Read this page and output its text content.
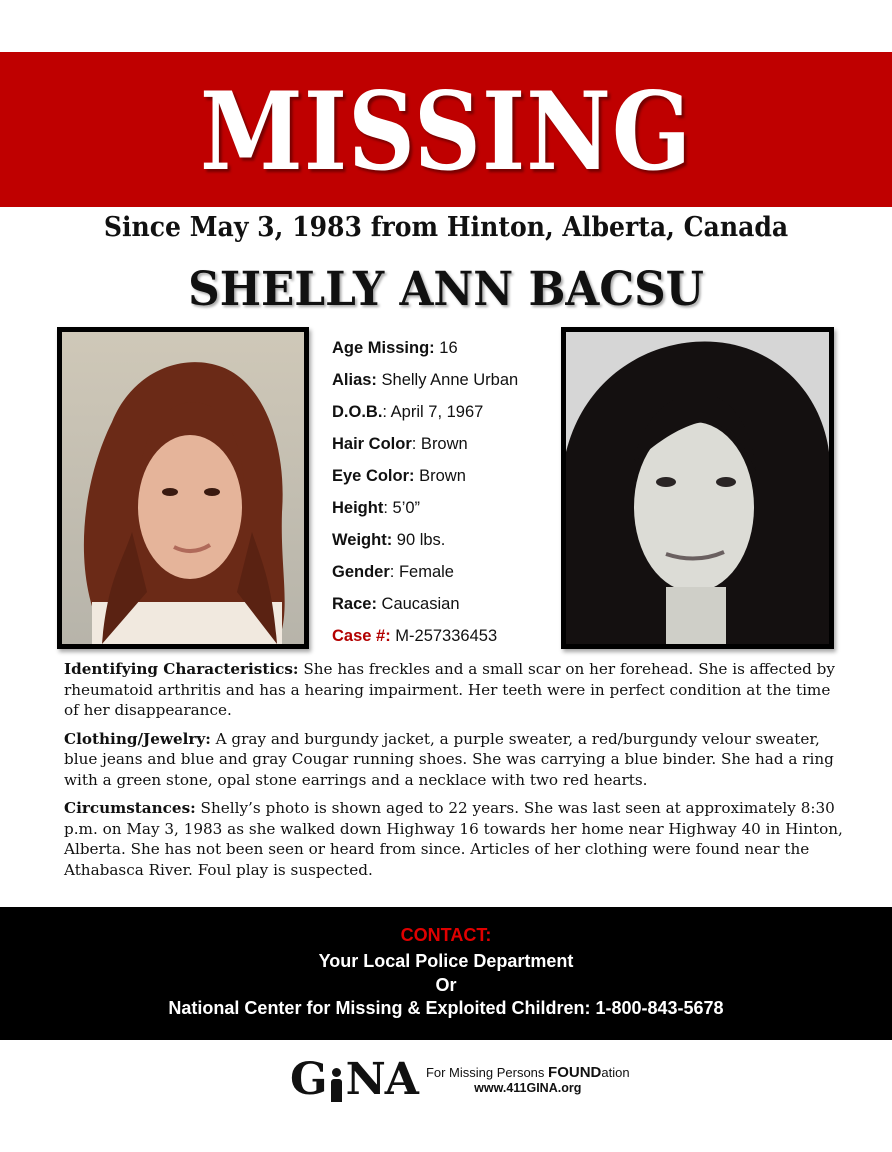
MISSING
Since May 3, 1983 from Hinton, Alberta, Canada
SHELLY ANN BACSU
Age Missing: 16
Alias: Shelly Anne Urban
D.O.B.: April 7, 1967
Hair Color: Brown
Eye Color: Brown
Height: 5’0”
Weight: 90 lbs.
Gender: Female
Race: Caucasian
Case #: M-257336453

Identifying Characteristics: She has freckles and a small scar on her forehead. She is affected by rheumatoid arthritis and has a hearing impairment. Her teeth were in perfect condition at the time of her disappearance.

Clothing/Jewelry: A gray and burgundy jacket, a purple sweater, a red/burgundy velour sweater, blue jeans and blue and gray Cougar running shoes. She was carrying a blue binder. She had a ring with a green stone, opal stone earrings and a necklace with two red hearts.

Circumstances: Shelly’s photo is shown aged to 22 years. She was last seen at approximately 8:30 p.m. on May 3, 1983 as she walked down Highway 16 towards her home near Highway 40 in Hinton, Alberta. She has not been seen or heard from since. Articles of her clothing were found near the Athabasca River. Foul play is suspected.

CONTACT:
Your Local Police Department
Or
National Center for Missing & Exploited Children: 1-800-843-5678
G NA For Missing Persons FOUNDation
www.411GINA.org
